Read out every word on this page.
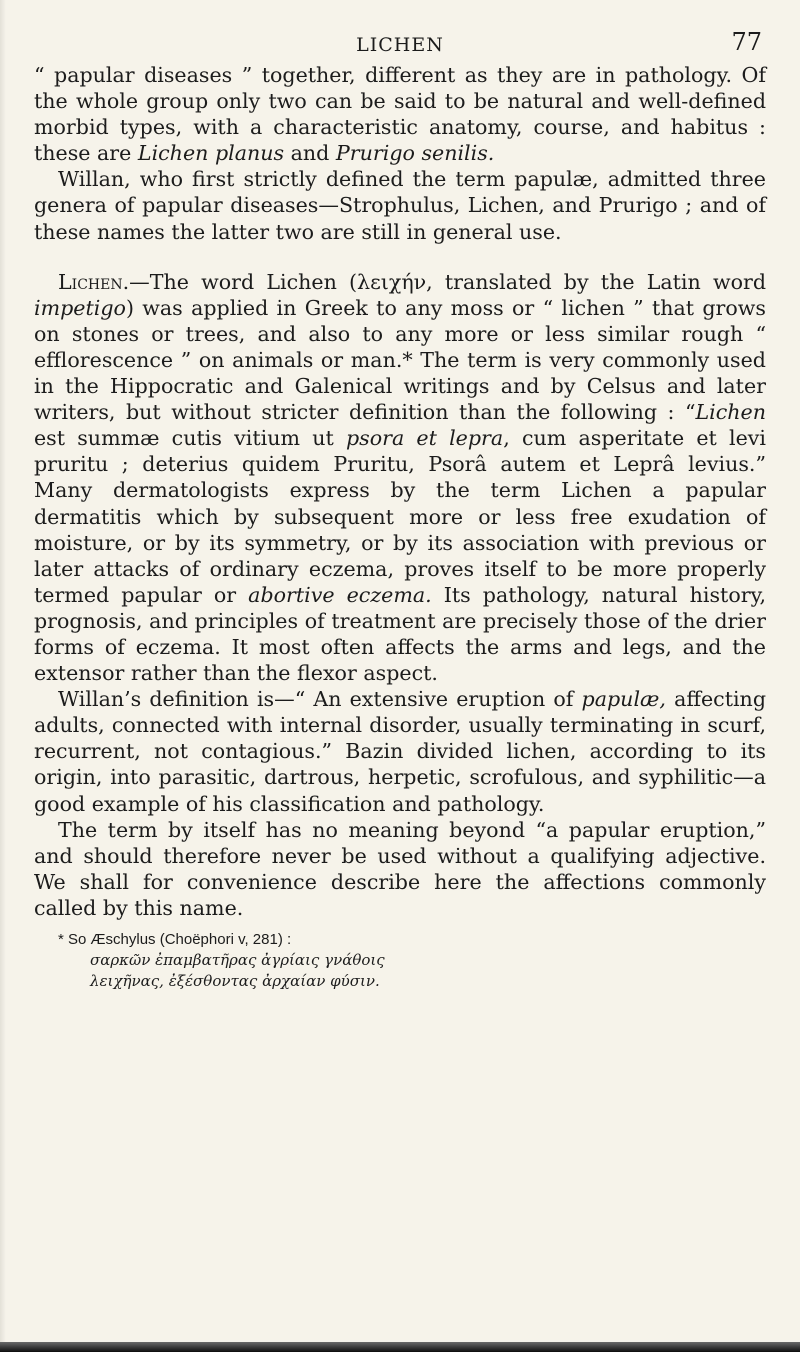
LICHEN	77

“ papular diseases ” together, different as they are in pathology. Of the whole group only two can be said to be natural and well-defined morbid types, with a characteristic anatomy, course, and habitus : these are Lichen planus and Prurigo senilis.

Willan, who first strictly defined the term papulæ, admitted three genera of papular diseases—Strophulus, Lichen, and Prurigo ; and of these names the latter two are still in general use.

Lichen.—The word Lichen (λειχήν, translated by the Latin word impetigo) was applied in Greek to any moss or “ lichen ” that grows on stones or trees, and also to any more or less similar rough “ efflorescence ” on animals or man.* The term is very commonly used in the Hippocratic and Galenical writings and by Celsus and later writers, but without stricter definition than the following : “Lichen est summæ cutis vitium ut psora et lepra, cum asperitate et levi pruritu ; deterius quidem Pruritu, Psorâ autem et Leprâ levius.” Many dermatologists express by the term Lichen a papular dermatitis which by subsequent more or less free exudation of moisture, or by its symmetry, or by its association with previous or later attacks of ordinary eczema, proves itself to be more properly termed papular or abortive eczema. Its pathology, natural history, prognosis, and principles of treatment are precisely those of the drier forms of eczema. It most often affects the arms and legs, and the extensor rather than the flexor aspect.

Willan’s definition is—“ An extensive eruption of papulæ, affecting adults, connected with internal disorder, usually terminating in scurf, recurrent, not contagious.” Bazin divided lichen, according to its origin, into parasitic, dartrous, herpetic, scrofulous, and syphilitic—a good example of his classification and pathology.

The term by itself has no meaning beyond “a papular eruption,” and should therefore never be used without a qualifying adjective. We shall for convenience describe here the affections commonly called by this name.

* So Æschylus (Choëphori v, 281) :

σαρκῶν ἐπαμβατῆρας ἀγρίαις γνάθοις

λειχῆνας, ἐξέσθοντας ἀρχαίαν φύσιν.
